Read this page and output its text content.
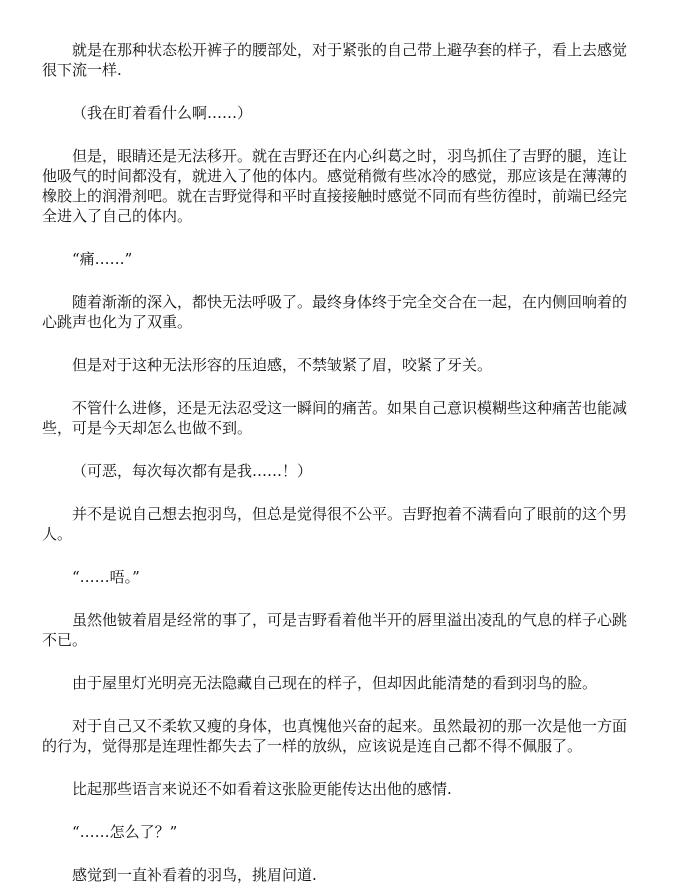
就是在那种状态松开裤子的腰部处，对于紧张的自己带上避孕套的样子，看上去感觉很下流一样.

（我在盯着看什么啊……）

但是，眼睛还是无法移开。就在吉野还在内心纠葛之时，羽鸟抓住了吉野的腿，连让他吸气的时间都没有，就进入了他的体内。感觉稍微有些冰冷的感觉，那应该是在薄薄的橡胶上的润滑剂吧。就在吉野觉得和平时直接接触时感觉不同而有些彷徨时，前端已经完全进入了自己的体内。

“痛……”

随着渐渐的深入，都快无法呼吸了。最终身体终于完全交合在一起，在内侧回响着的心跳声也化为了双重。

但是对于这种无法形容的压迫感，不禁皱紧了眉，咬紧了牙关。

不管什么进修，还是无法忍受这一瞬间的痛苦。如果自己意识模糊些这种痛苦也能减些，可是今天却怎么也做不到。

（可恶，每次每次都有是我……！）

并不是说自己想去抱羽鸟，但总是觉得很不公平。吉野抱着不满看向了眼前的这个男人。

“……唔。”

虽然他铍着眉是经常的事了，可是吉野看着他半开的唇里溢出凌乱的气息的样子心跳不已。

由于屋里灯光明亮无法隐藏自己现在的样子，但却因此能清楚的看到羽鸟的脸。

对于自己又不柔软又瘦的身体，也真愧他兴奋的起来。虽然最初的那一次是他一方面的行为，觉得那是连理性都失去了一样的放纵，应该说是连自己都不得不佩服了。

比起那些语言来说还不如看着这张脸更能传达出他的感情.

“……怎么了？”

感觉到一直补看着的羽鸟，挑眉问道.
